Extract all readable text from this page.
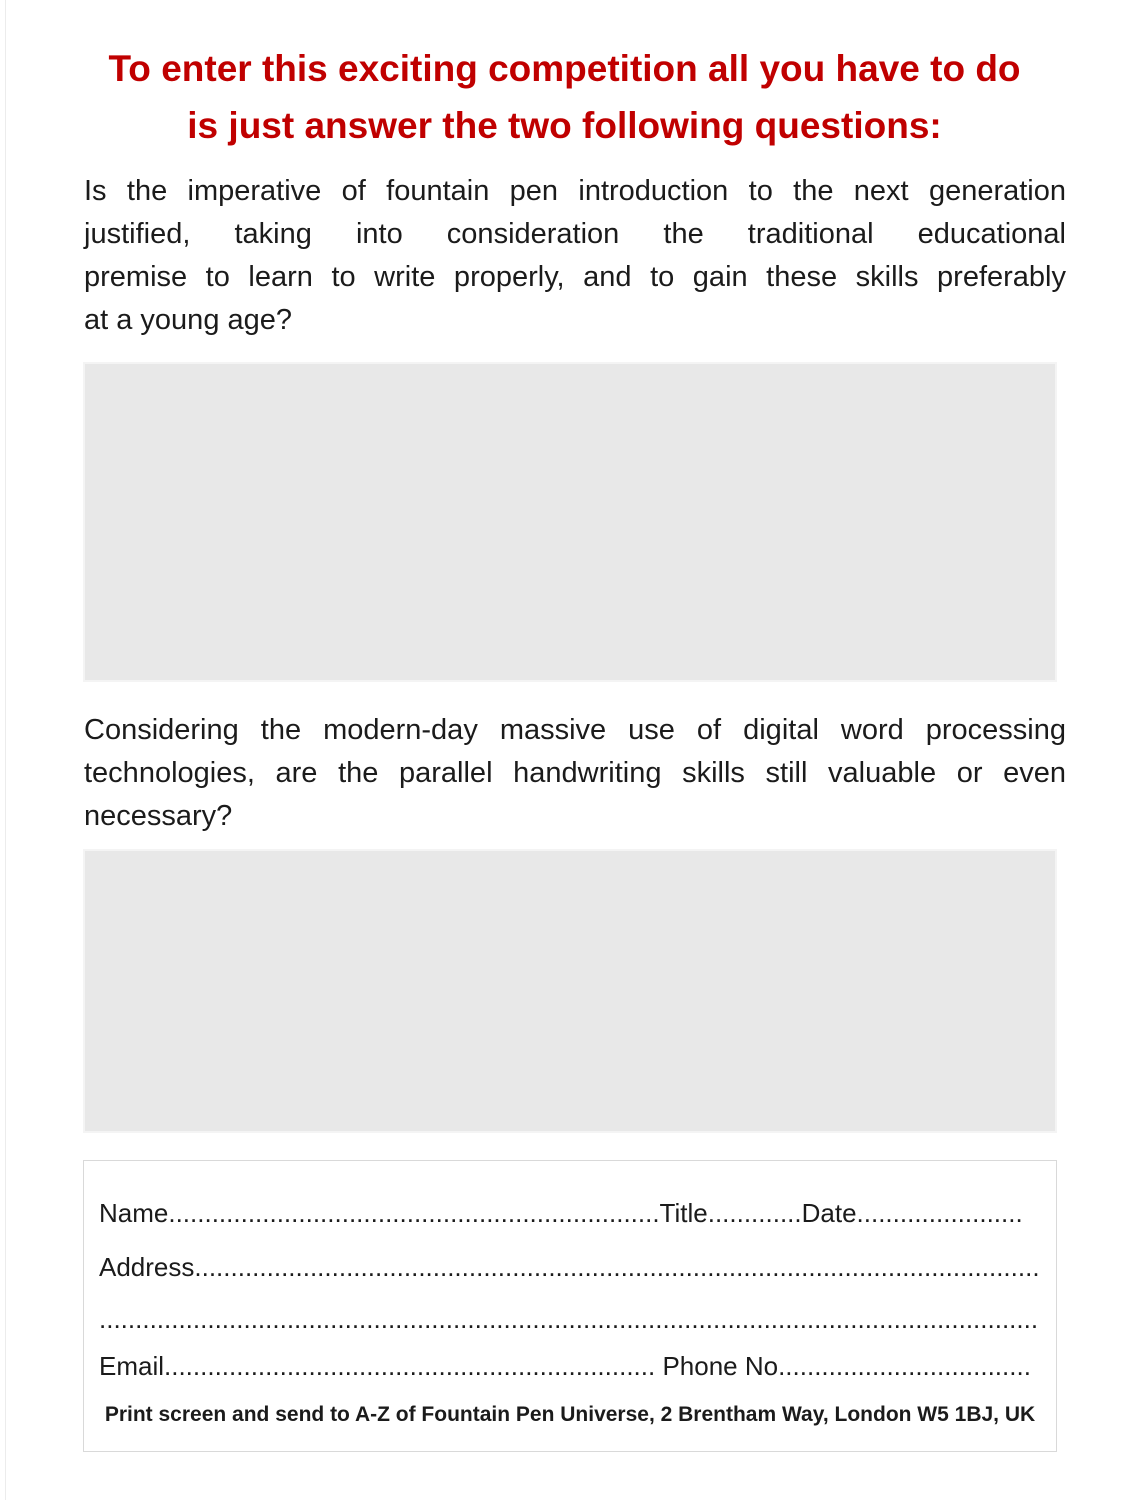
To enter this exciting competition all you have to do
is just answer the two following questions:
Is the imperative of fountain pen introduction to the next generation
justified, taking into consideration the traditional educational
premise to learn to write properly, and to gain these skills preferably
at a young age?
Considering the modern-day massive use of digital word processing
technologies, are the parallel handwriting skills still valuable or even
necessary?
Name....................................................................Title.............Date.......................
Address.....................................................................................................................
..................................................................................................................................
Email.................................................................... Phone No...................................
Print screen and send to A-Z of Fountain Pen Universe, 2 Brentham Way, London W5 1BJ, UK
